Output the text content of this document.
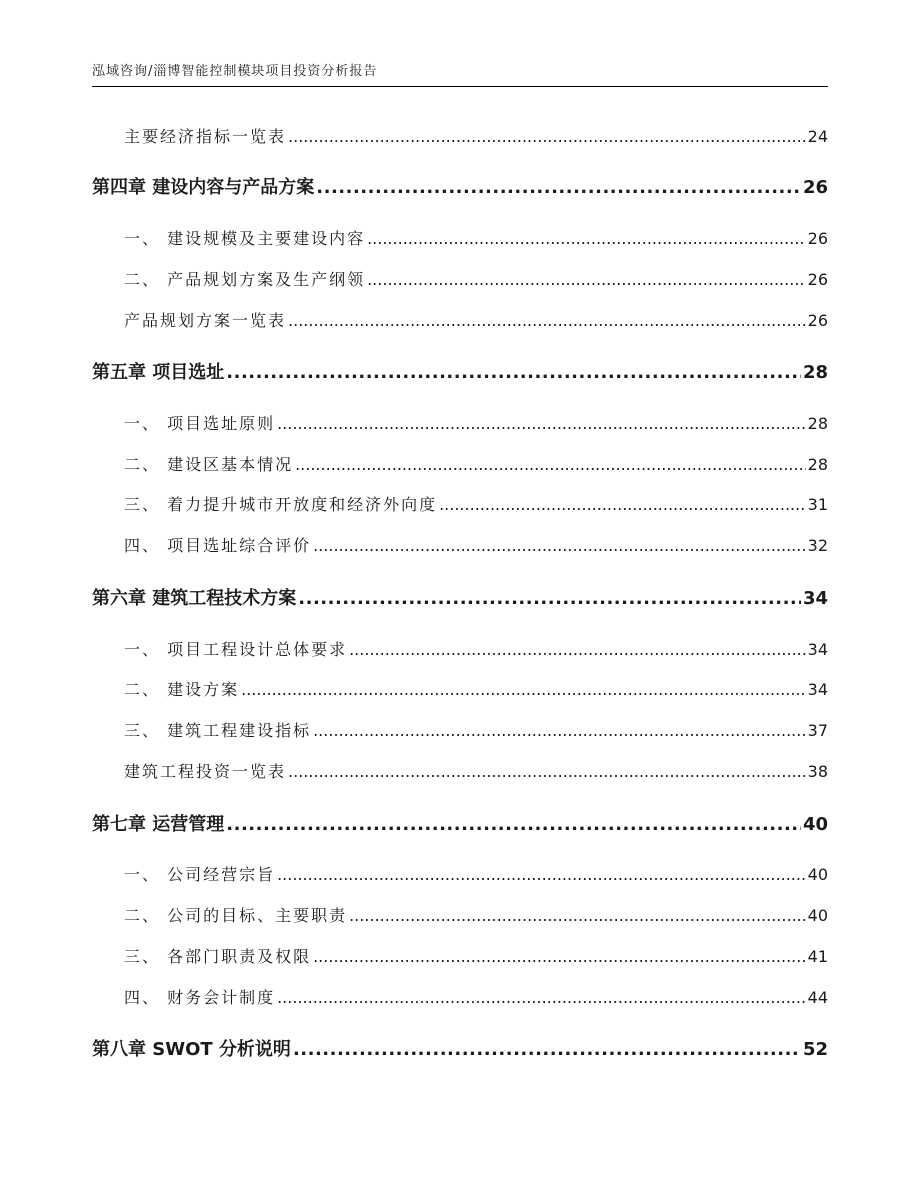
泓域咨询/淄博智能控制模块项目投资分析报告
主要经济指标一览表 .....	24
第四章 建设内容与产品方案 .....	26
一、 建设规模及主要建设内容 .....	26
二、 产品规划方案及生产纲领 .....	26
产品规划方案一览表 .....	26
第五章 项目选址 .....	28
一、 项目选址原则 .....	28
二、 建设区基本情况 .....	28
三、 着力提升城市开放度和经济外向度 .....	31
四、 项目选址综合评价 .....	32
第六章 建筑工程技术方案 .....	34
一、 项目工程设计总体要求 .....	34
二、 建设方案 .....	34
三、 建筑工程建设指标 .....	37
建筑工程投资一览表 .....	38
第七章 运营管理 .....	40
一、 公司经营宗旨 .....	40
二、 公司的目标、主要职责 .....	40
三、 各部门职责及权限 .....	41
四、 财务会计制度 .....	44
第八章 SWOT 分析说明 .....	52
